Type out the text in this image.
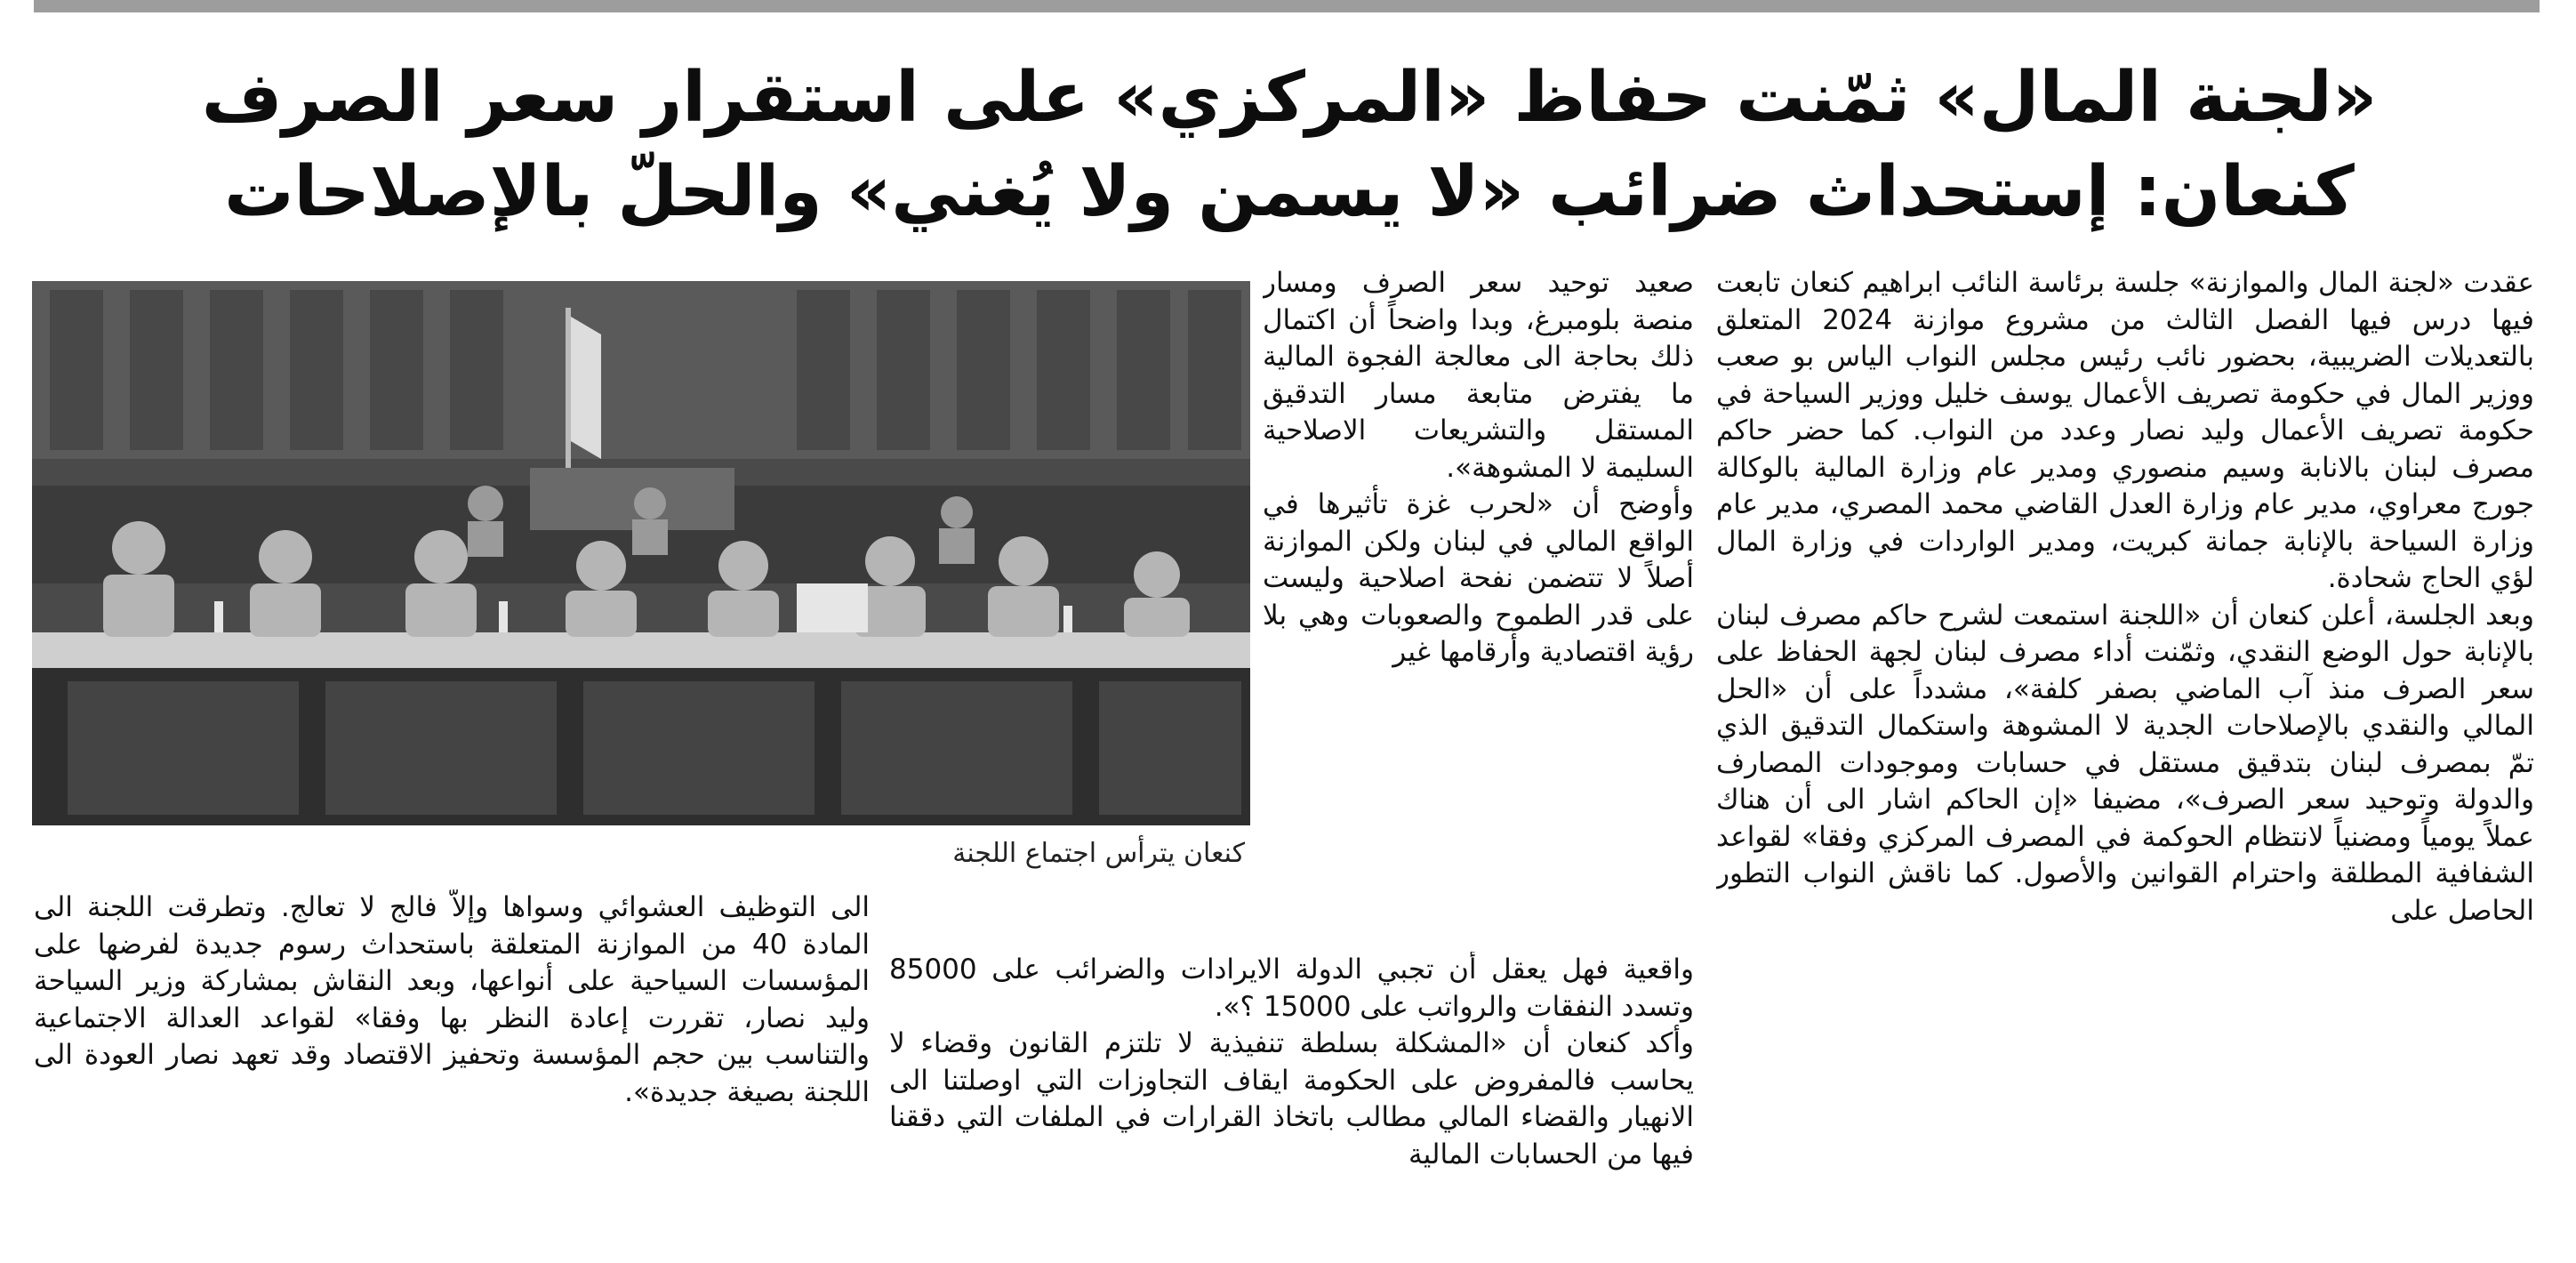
«لجنة المال» ثمّنت حفاظ «المركزي» على استقرار سعر الصرف
كنعان: إستحداث ضرائب «لا يسمن ولا يُغني» والحلّ بالإصلاحات

عقدت «لجنة المال والموازنة» جلسة برئاسة النائب ابراهيم كنعان تابعت فيها درس فيها الفصل الثالث من مشروع موازنة 2024 المتعلق بالتعديلات الضريبية، بحضور نائب رئيس مجلس النواب الياس بو صعب ووزير المال في حكومة تصريف الأعمال يوسف خليل ووزير السياحة في حكومة تصريف الأعمال وليد نصار وعدد من النواب. كما حضر حاكم مصرف لبنان بالانابة وسيم منصوري ومدير عام وزارة المالية بالوكالة جورج معراوي، مدير عام وزارة العدل القاضي محمد المصري، مدير عام وزارة السياحة بالإنابة جمانة كبريت، ومدير الواردات في وزارة المال لؤي الحاج شحادة.

وبعد الجلسة، أعلن كنعان أن «اللجنة استمعت لشرح حاكم مصرف لبنان بالإنابة حول الوضع النقدي، وثمّنت أداء مصرف لبنان لجهة الحفاظ على سعر الصرف منذ آب الماضي بصفر كلفة»، مشدداً على أن «الحل المالي والنقدي بالإصلاحات الجدية لا المشوهة واستكمال التدقيق الذي تمّ بمصرف لبنان بتدقيق مستقل في حسابات وموجودات المصارف والدولة وتوحيد سعر الصرف»، مضيفا «إن الحاكم اشار الى أن هناك عملاً يومياً ومضنياً لانتظام الحوكمة في المصرف المركزي وفقا» لقواعد الشفافية المطلقة واحترام القوانين والأصول. كما ناقش النواب التطور الحاصل على

صعيد توحيد سعر الصرف ومسار منصة بلومبرغ، وبدا واضحاً أن اكتمال ذلك بحاجة الى معالجة الفجوة المالية ما يفترض متابعة مسار التدقيق المستقل والتشريعات الاصلاحية السليمة لا المشوهة».

وأوضح أن «لحرب غزة تأثيرها في الواقع المالي في لبنان ولكن الموازنة أصلاً لا تتضمن نفحة اصلاحية وليست على قدر الطموح والصعوبات وهي بلا رؤية اقتصادية وأرقامها غير

كنعان يترأس اجتماع اللجنة

واقعية فهل يعقل أن تجبي الدولة الايرادات والضرائب على 85000 وتسدد النفقات والرواتب على 15000 ؟».

وأكد كنعان أن «المشكلة بسلطة تنفيذية لا تلتزم القانون وقضاء لا يحاسب فالمفروض على الحكومة ايقاف التجاوزات التي اوصلتنا الى الانهيار والقضاء المالي مطالب باتخاذ القرارات في الملفات التي دققنا فيها من الحسابات المالية

الى التوظيف العشوائي وسواها وإلاّ فالج لا تعالج. وتطرقت اللجنة الى المادة 40 من الموازنة المتعلقة باستحداث رسوم جديدة لفرضها على المؤسسات السياحية على أنواعها، وبعد النقاش بمشاركة وزير السياحة وليد نصار، تقررت إعادة النظر بها وفقا» لقواعد العدالة الاجتماعية والتناسب بين حجم المؤسسة وتحفيز الاقتصاد وقد تعهد نصار العودة الى اللجنة بصيغة جديدة».
